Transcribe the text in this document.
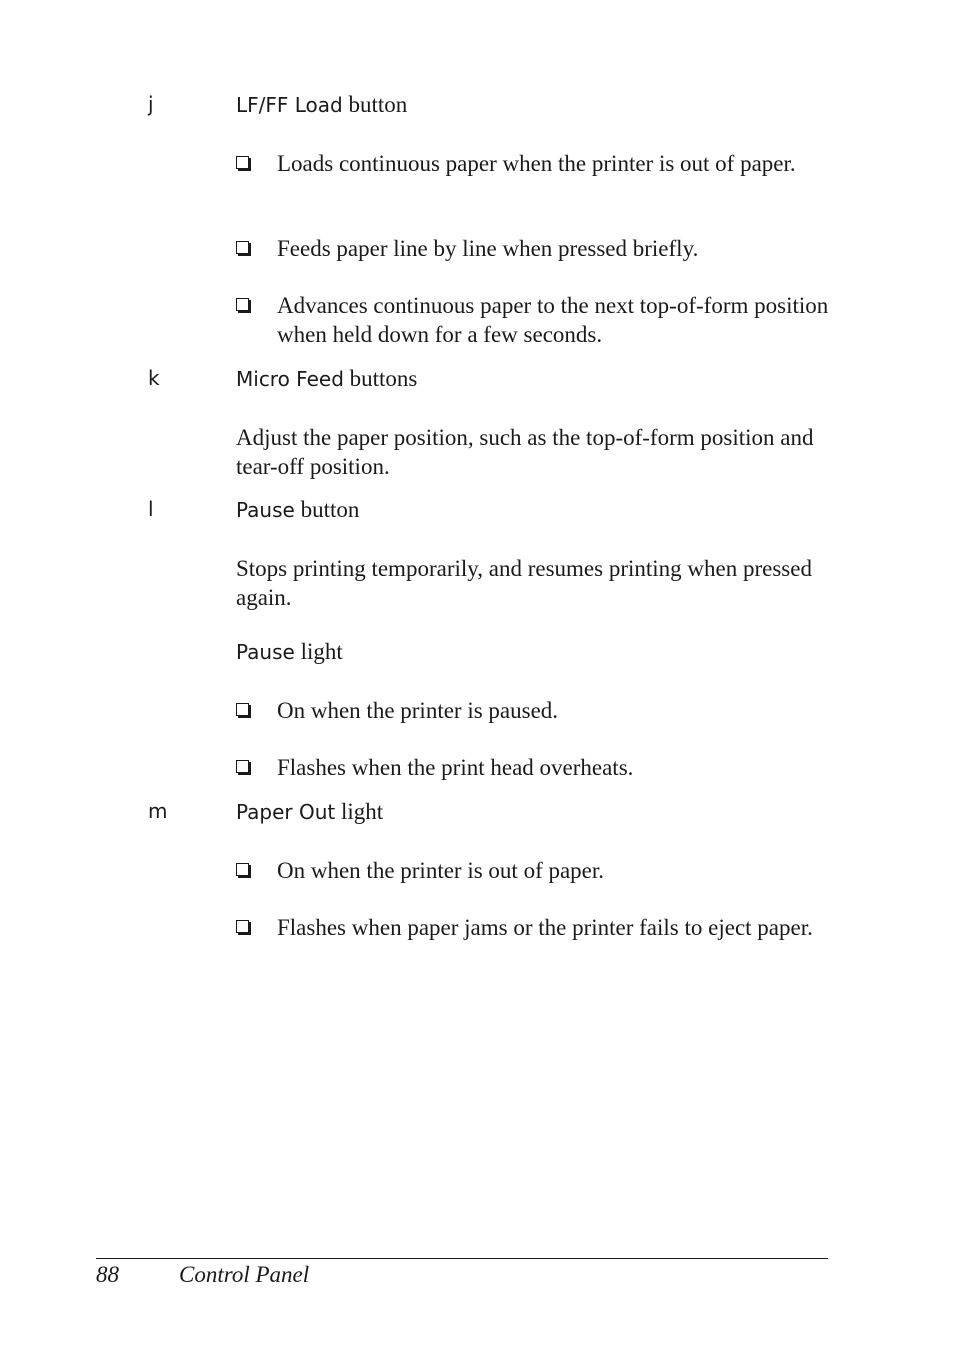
j	LF/FF Load button
Loads continuous paper when the printer is out of paper.
Feeds paper line by line when pressed briefly.
Advances continuous paper to the next top-of-form position when held down for a few seconds.
k	Micro Feed buttons
Adjust the paper position, such as the top-of-form position and tear-off position.
l	Pause button
Stops printing temporarily, and resumes printing when pressed again.
Pause light
On when the printer is paused.
Flashes when the print head overheats.
m	Paper Out light
On when the printer is out of paper.
Flashes when paper jams or the printer fails to eject paper.
88	Control Panel
